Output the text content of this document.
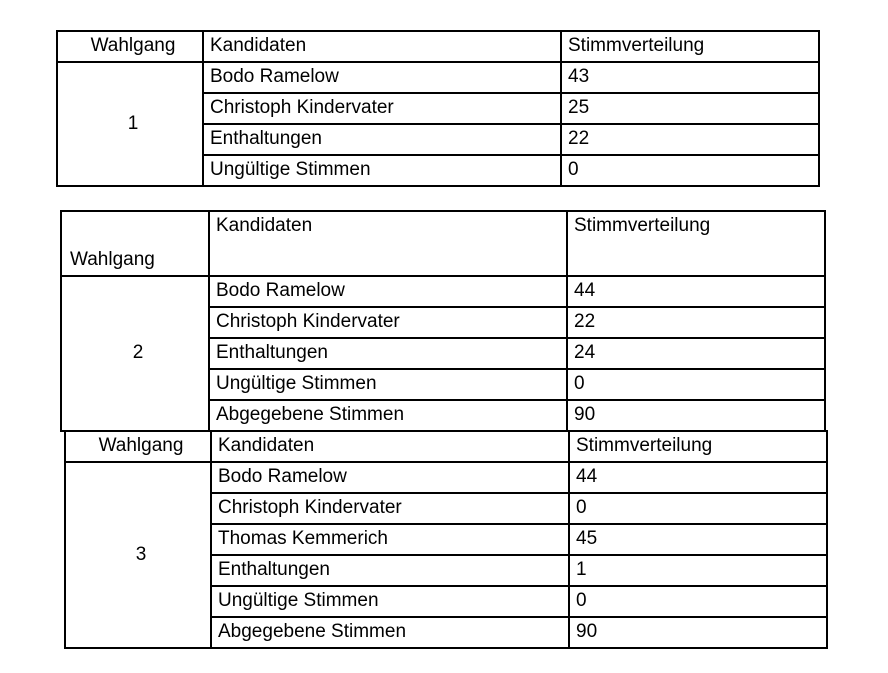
Wahlgang	Kandidaten	Stimmverteilung
1	Bodo Ramelow	43
	Christoph Kindervater	25
	Enthaltungen	22
	Ungültige Stimmen	0
Wahlgang	Kandidaten	Stimmverteilung
2	Bodo Ramelow	44
	Christoph Kindervater	22
	Enthaltungen	24
	Ungültige Stimmen	0
	Abgegebene Stimmen	90
Wahlgang	Kandidaten	Stimmverteilung
3	Bodo Ramelow	44
	Christoph Kindervater	0
	Thomas Kemmerich	45
	Enthaltungen	1
	Ungültige Stimmen	0
	Abgegebene Stimmen	90
